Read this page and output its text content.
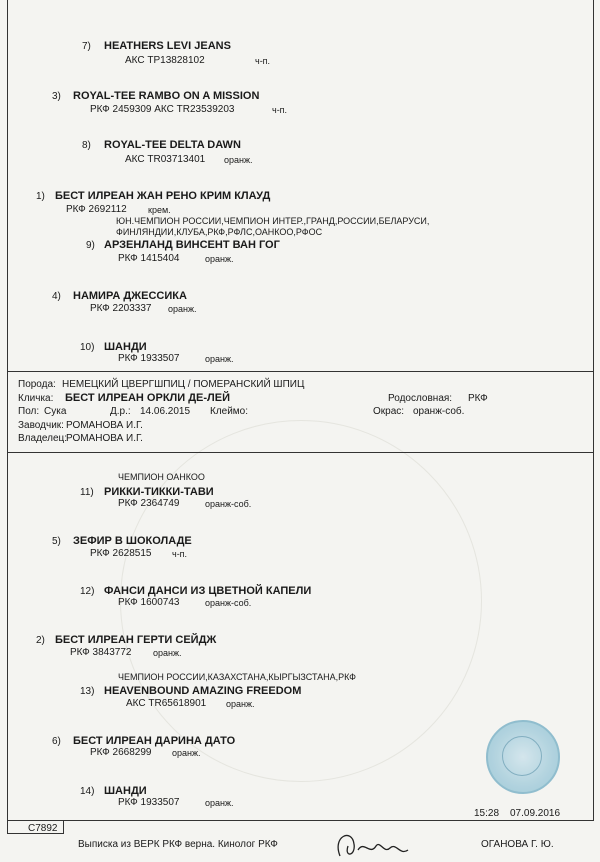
7) HEATHERS LEVI JEANS
АКС TP13828102	ч-п.
3) ROYAL-TEE RAMBO ON A MISSION
РКФ 2459309 АКС TR23539203	ч-п.
8) ROYAL-TEE DELTA DAWN
АКС TR03713401 оранж.
1) БЕСТ ИЛРЕАН ЖАН РЕНО КРИМ КЛАУД
РКФ 2692112 крем.
ЮН.ЧЕМПИОН РОССИИ,ЧЕМПИОН ИНТЕР.,ГРАНД,РОССИИ,БЕЛАРУСИ,
ФИНЛЯНДИИ,КЛУБА,РКФ,РФЛС,ОАНКОО,РФОС
9) АРЗЕНЛАНД ВИНСЕНТ ВАН ГОГ
РКФ 1415404	оранж.
4) НАМИРА ДЖЕССИКА
РКФ 2203337 оранж.
10) ШАНДИ
РКФ 1933507	оранж.
Порода: НЕМЕЦКИЙ ЦВЕРГШПИЦ / ПОМЕРАНСКИЙ ШПИЦ
Кличка: БЕСТ ИЛРЕАН ОРКЛИ ДЕ-ЛЕЙ	Родословная: РКФ
Пол: Сука	Д.р.: 14.06.2015 Клеймо:	Окрас: оранж-соб.
Заводчик: РОМАНОВА И.Г.
Владелец:
РОМАНОВА И.Г.
ЧЕМПИОН ОАНКОО
11) РИККИ-ТИККИ-ТАВИ
РКФ 2364749	оранж-соб.
5) ЗЕФИР В ШОКОЛАДЕ
РКФ 2628515 ч-п.
12) ФАНСИ ДАНСИ ИЗ ЦВЕТНОЙ КАПЕЛИ
РКФ 1600743	оранж-соб.
2) БЕСТ ИЛРЕАН ГЕРТИ СЕЙДЖ
РКФ 3843772 оранж.
ЧЕМПИОН РОССИИ,КАЗАХСТАНА,КЫРГЫЗСТАНА,РКФ
13) HEAVENBOUND AMAZING FREEDOM
АКС TR65618901 оранж.
6) БЕСТ ИЛРЕАН ДАРИНА ДАТО
РКФ 2668299 оранж.
14) ШАНДИ
РКФ 1933507	оранж.
15:28 07.09.2016
C7892
Выписка из ВЕРК РКФ верна. Кинолог РКФ	ОГАНОВА Г. Ю.
